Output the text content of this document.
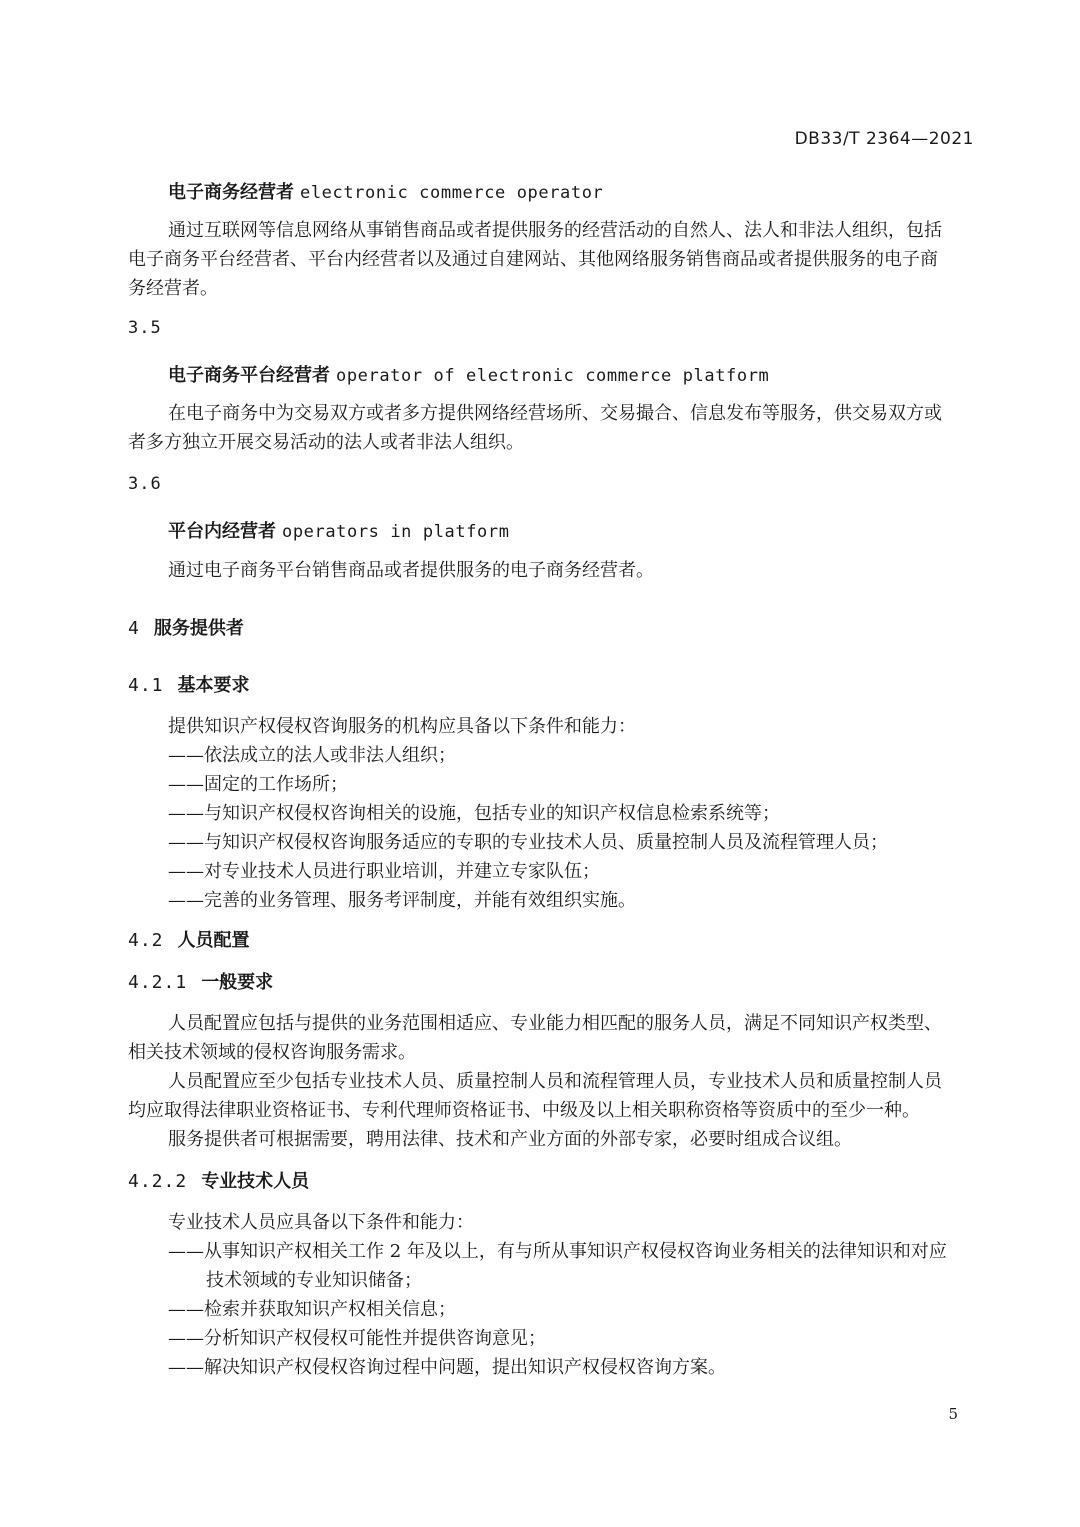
DB33/T 2364—2021
电子商务经营者 electronic commerce operator
通过互联网等信息网络从事销售商品或者提供服务的经营活动的自然人、法人和非法人组织，包括
电子商务平台经营者、平台内经营者以及通过自建网站、其他网络服务销售商品或者提供服务的电子商
务经营者。
3.5
电子商务平台经营者 operator of electronic commerce platform
在电子商务中为交易双方或者多方提供网络经营场所、交易撮合、信息发布等服务，供交易双方或
者多方独立开展交易活动的法人或者非法人组织。
3.6
平台内经营者 operators in platform
通过电子商务平台销售商品或者提供服务的电子商务经营者。
4 服务提供者
4.1 基本要求
提供知识产权侵权咨询服务的机构应具备以下条件和能力：
——依法成立的法人或非法人组织；
——固定的工作场所；
——与知识产权侵权咨询相关的设施，包括专业的知识产权信息检索系统等；
——与知识产权侵权咨询服务适应的专职的专业技术人员、质量控制人员及流程管理人员；
——对专业技术人员进行职业培训，并建立专家队伍；
——完善的业务管理、服务考评制度，并能有效组织实施。
4.2 人员配置
4.2.1 一般要求
人员配置应包括与提供的业务范围相适应、专业能力相匹配的服务人员，满足不同知识产权类型、
相关技术领域的侵权咨询服务需求。
人员配置应至少包括专业技术人员、质量控制人员和流程管理人员，专业技术人员和质量控制人员
均应取得法律职业资格证书、专利代理师资格证书、中级及以上相关职称资格等资质中的至少一种。
服务提供者可根据需要，聘用法律、技术和产业方面的外部专家，必要时组成合议组。
4.2.2 专业技术人员
专业技术人员应具备以下条件和能力：
——从事知识产权相关工作 2 年及以上，有与所从事知识产权侵权咨询业务相关的法律知识和对应
技术领域的专业知识储备；
——检索并获取知识产权相关信息；
——分析知识产权侵权可能性并提供咨询意见；
——解决知识产权侵权咨询过程中问题，提出知识产权侵权咨询方案。
5
